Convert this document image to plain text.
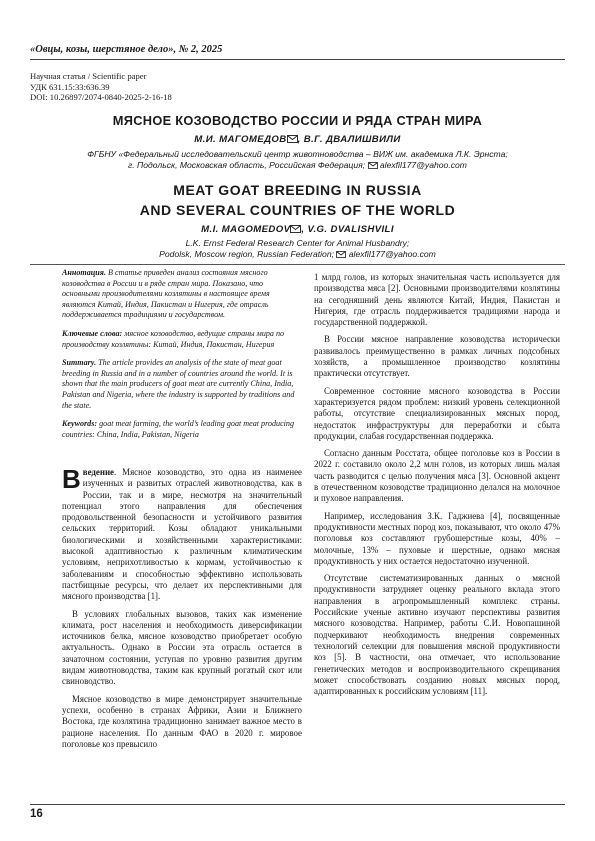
«Овцы, козы, шерстяное дело», № 2, 2025
Научная статья / Scientific paper
УДК 631.15:33:636.39
DOI: 10.26897/2074-0840-2025-2-16-18
МЯСНОЕ КОЗОВОДСТВО РОССИИ И РЯДА СТРАН МИРА
М.И. МАГОМЕДОВ , В.Г. ДВАЛИШВИЛИ
ФГБНУ «Федеральный исследовательский центр животноводства – ВИЖ им. академика Л.К. Эрнста;
г. Подольск, Московская область, Российская Федерация; alexfil177@yahoo.com
MEAT GOAT BREEDING IN RUSSIA
AND SEVERAL COUNTRIES OF THE WORLD
M.I. MAGOMEDOV , V.G. DVALISHVILI
L.K. Ernst Federal Research Center for Animal Husbandry;
Podolsk, Moscow region, Russian Federation; alexfil177@yahoo.com

Аннотация. В статье приведен анализ состояния мясного козоводства в России и в ряде стран мира. Показано, что основными производителями козлятины в настоящее время являются Китай, Индия, Пакистан и Нигерия, где отрасль поддерживается традициями и государством.

Ключевые слова: мясное козоводство, ведущие страны мира по производству козлятины: Китай, Индия, Пакистан, Нигерия

Summary. The article provides an analysis of the state of meat goat breeding in Russia and in a number of countries around the world. It is shown that the main producers of goat meat are currently China, India, Pakistan and Nigeria, where the industry is supported by traditions and the state.

Keywords: goat meat farming, the world’s leading goat meat producing countries: China, India, Pakistan, Nigeria

Введение. Мясное козоводство, это одна из наименее изученных и развитых отраслей животноводства, как в России, так и в мире, несмотря на значительный потенциал этого направления для обеспечения продовольственной безопасности и устойчивого развития сельских территорий. Козы обладают уникальными биологическими и хозяйственными характеристиками: высокой адаптивностью к различным климатическим условиям, неприхотливостью к кормам, устойчивостью к заболеваниям и способностью эффективно использовать пастбищные ресурсы, что делает их перспективными для мясного производства [1].

В условиях глобальных вызовов, таких как изменение климата, рост населения и необходимость диверсификации источников белка, мясное козоводство приобретает особую актуальность. Однако в России эта отрасль остается в зачаточном состоянии, уступая по уровню развития другим видам животноводства, таким как крупный рогатый скот или свиноводство.

Мясное козоводство в мире демонстрирует значительные успехи, особенно в странах Африки, Азии и Ближнего Востока, где козлятина традиционно занимает важное место в рационе населения. По данным ФАО в 2020 г. мировое поголовье коз превысило

1 млрд голов, из которых значительная часть используется для производства мяса [2]. Основными производителями козлятины на сегодняшний день являются Китай, Индия, Пакистан и Нигерия, где отрасль поддерживается традициями народа и государственной поддержкой.

В России мясное направление козоводства исторически развивалось преимущественно в рамках личных подсобных хозяйств, а промышленное производство козлятины практически отсутствует.

Современное состояние мясного козоводства в России характеризуется рядом проблем: низкий уровень селекционной работы, отсутствие специализированных мясных пород, недостаток инфраструктуры для переработки и сбыта продукции, слабая государственная поддержка.

Согласно данным Росстата, общее поголовье коз в России в 2022 г. составило около 2,2 млн голов, из которых лишь малая часть разводится с целью получения мяса [3]. Основной акцент в отечественном козоводстве традиционно делался на молочное и пуховое направления.

Например, исследования З.К. Гаджиева [4], посвященные продуктивности местных пород коз, показывают, что около 47% поголовья коз составляют грубошерстные козы, 40% – молочные, 13% – пуховые и шерстные, однако мясная продуктивность у них остается недостаточно изученной.

Отсутствие систематизированных данных о мясной продуктивности затрудняет оценку реального вклада этого направления в агропромышленный комплекс страны. Российские ученые активно изучают перспективы развития мясного козоводства. Например, работы С.И. Новопашиной подчеркивают необходимость внедрения современных технологий селекции для повышения мясной продуктивности коз [5]. В частности, она отмечает, что использование генетических методов и воспроизводительного скрещивания может способствовать созданию новых мясных пород, адаптированных к российским условиям [11].

16
